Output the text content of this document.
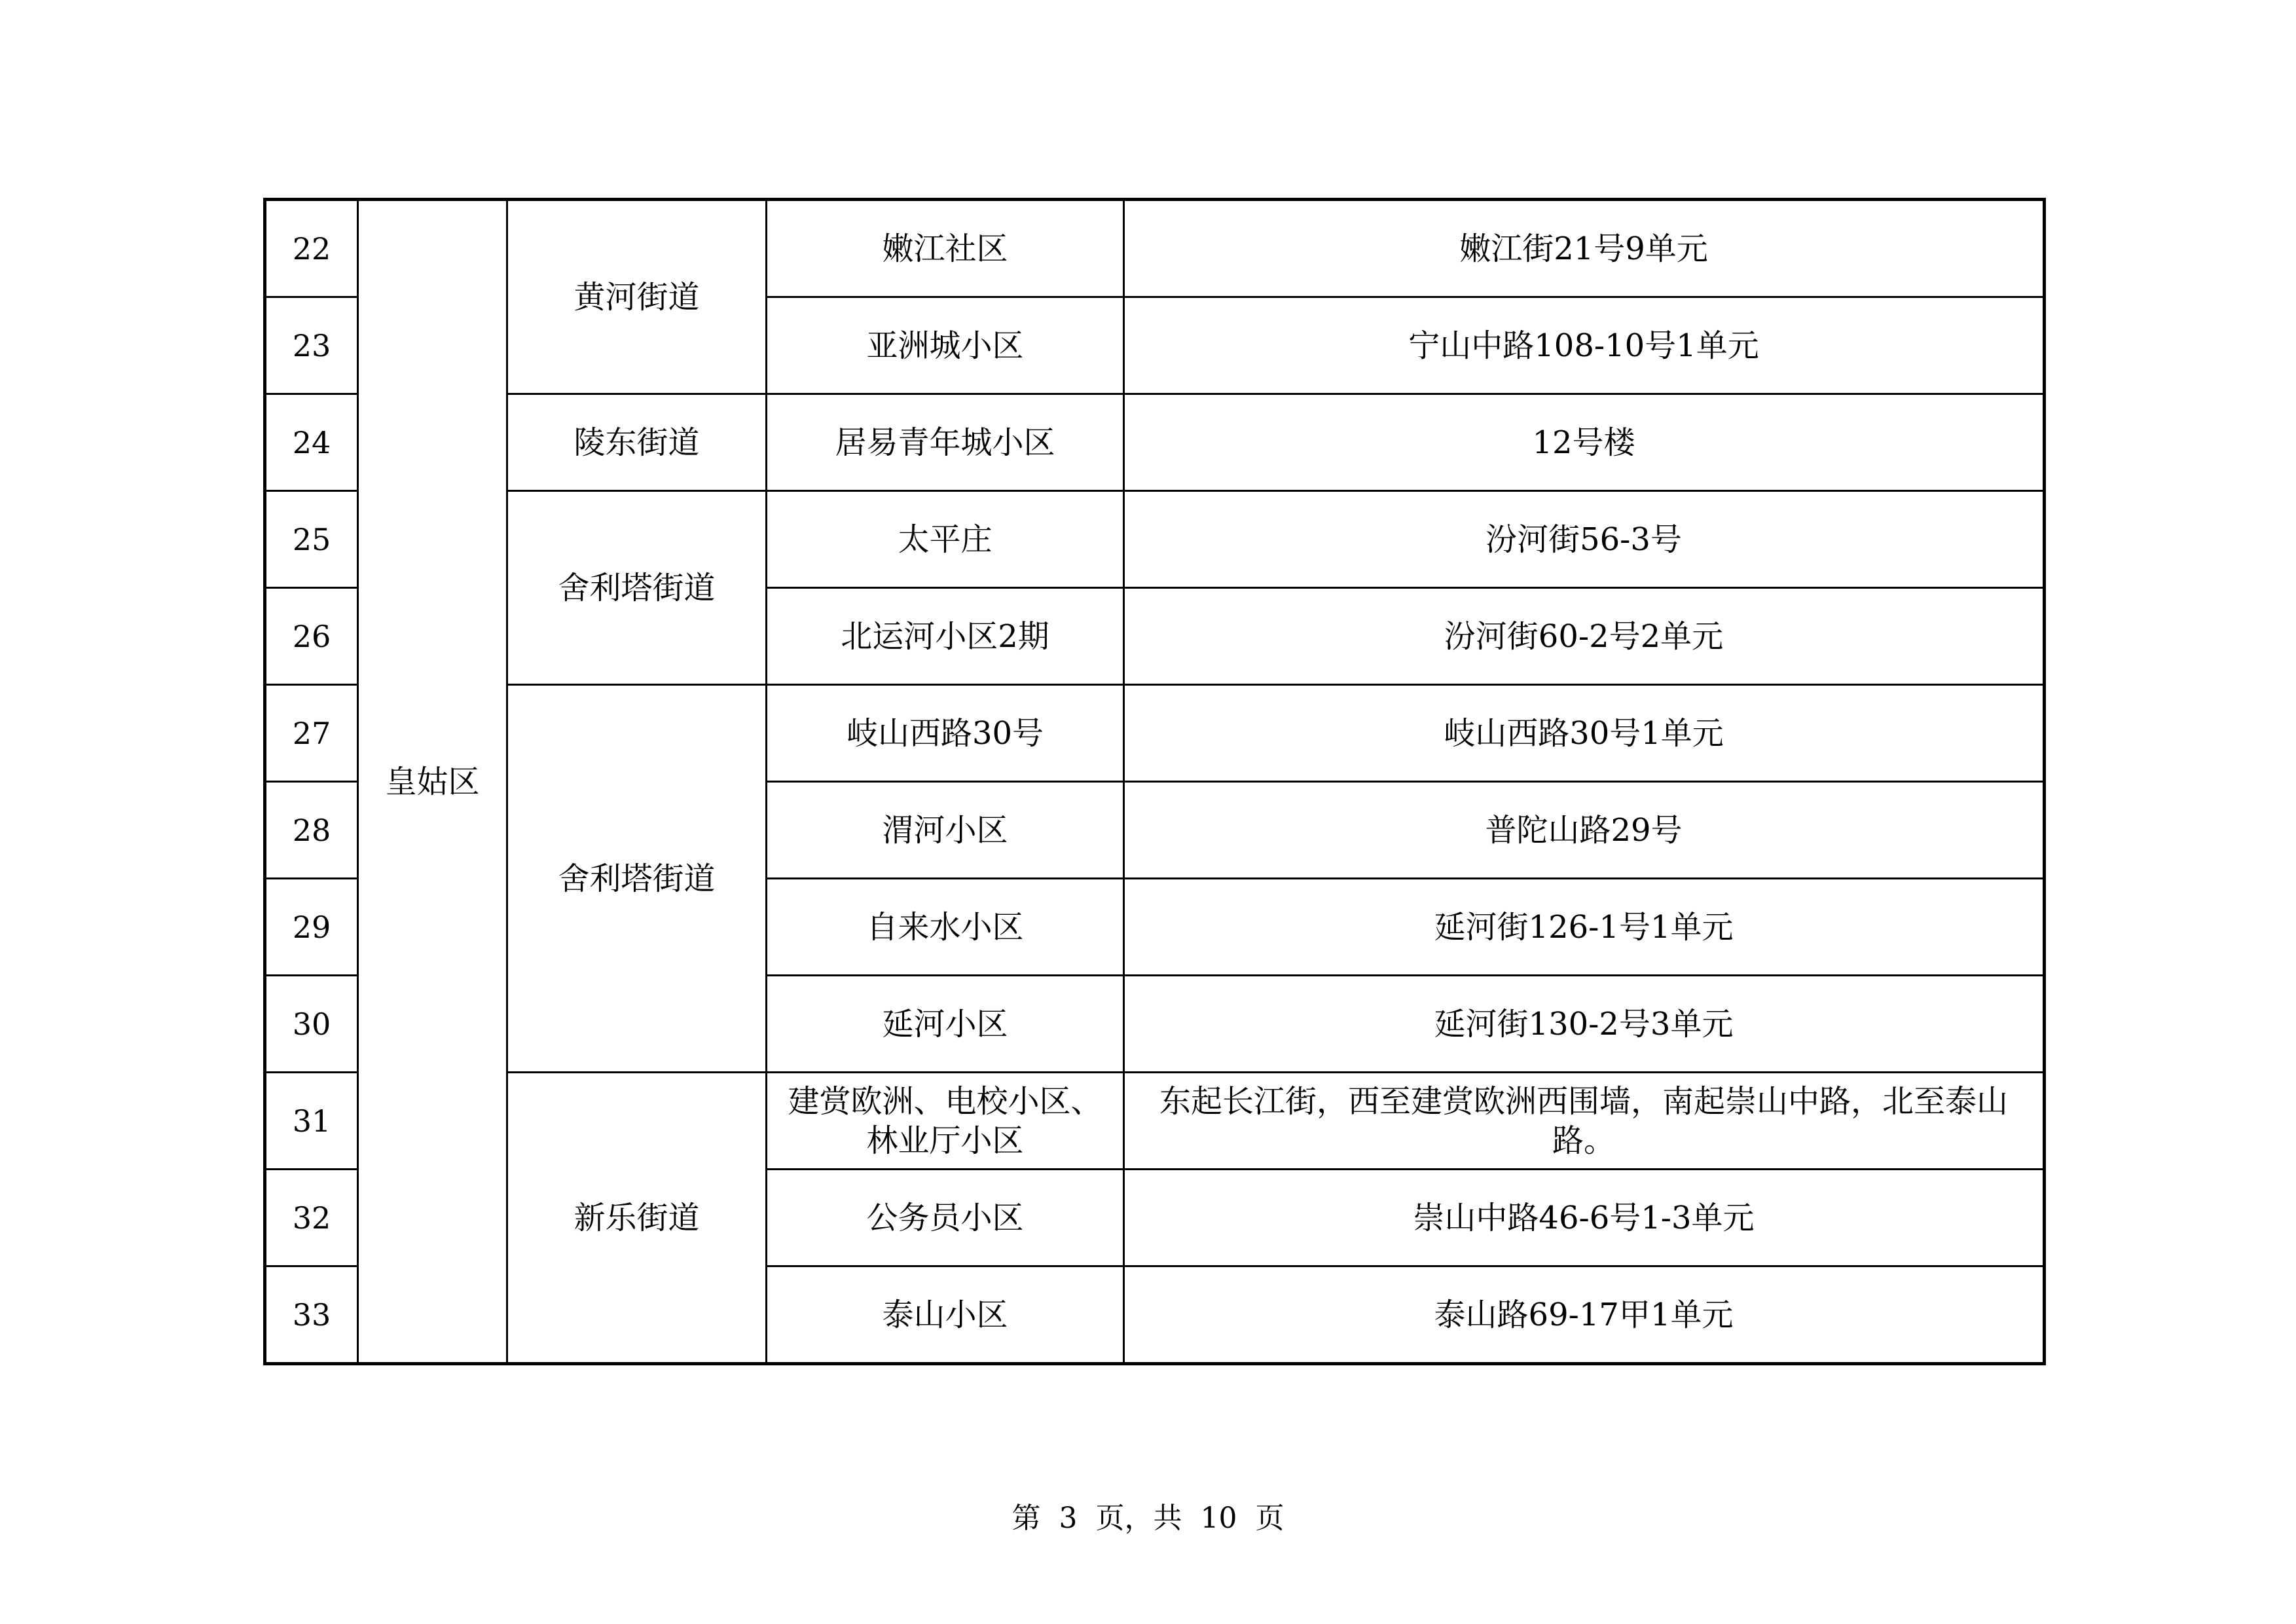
22	皇姑区	黄河街道	嫩江社区	嫩江街21号9单元
23			亚洲城小区	宁山中路108-10号1单元
24		陵东街道	居易青年城小区	12号楼
25		舍利塔街道	太平庄	汾河街56-3号
26			北运河小区2期	汾河街60-2号2单元
27		舍利塔街道	岐山西路30号	岐山西路30号1单元
28			渭河小区	普陀山路29号
29			自来水小区	延河街126-1号1单元
30			延河小区	延河街130-2号3单元
31		新乐街道	建赏欧洲、电校小区、林业厅小区	东起长江街，西至建赏欧洲西围墙，南起崇山中路，北至泰山路。
32			公务员小区	崇山中路46-6号1-3单元
33			泰山小区	泰山路69-17甲1单元
第 3 页，共 10 页
